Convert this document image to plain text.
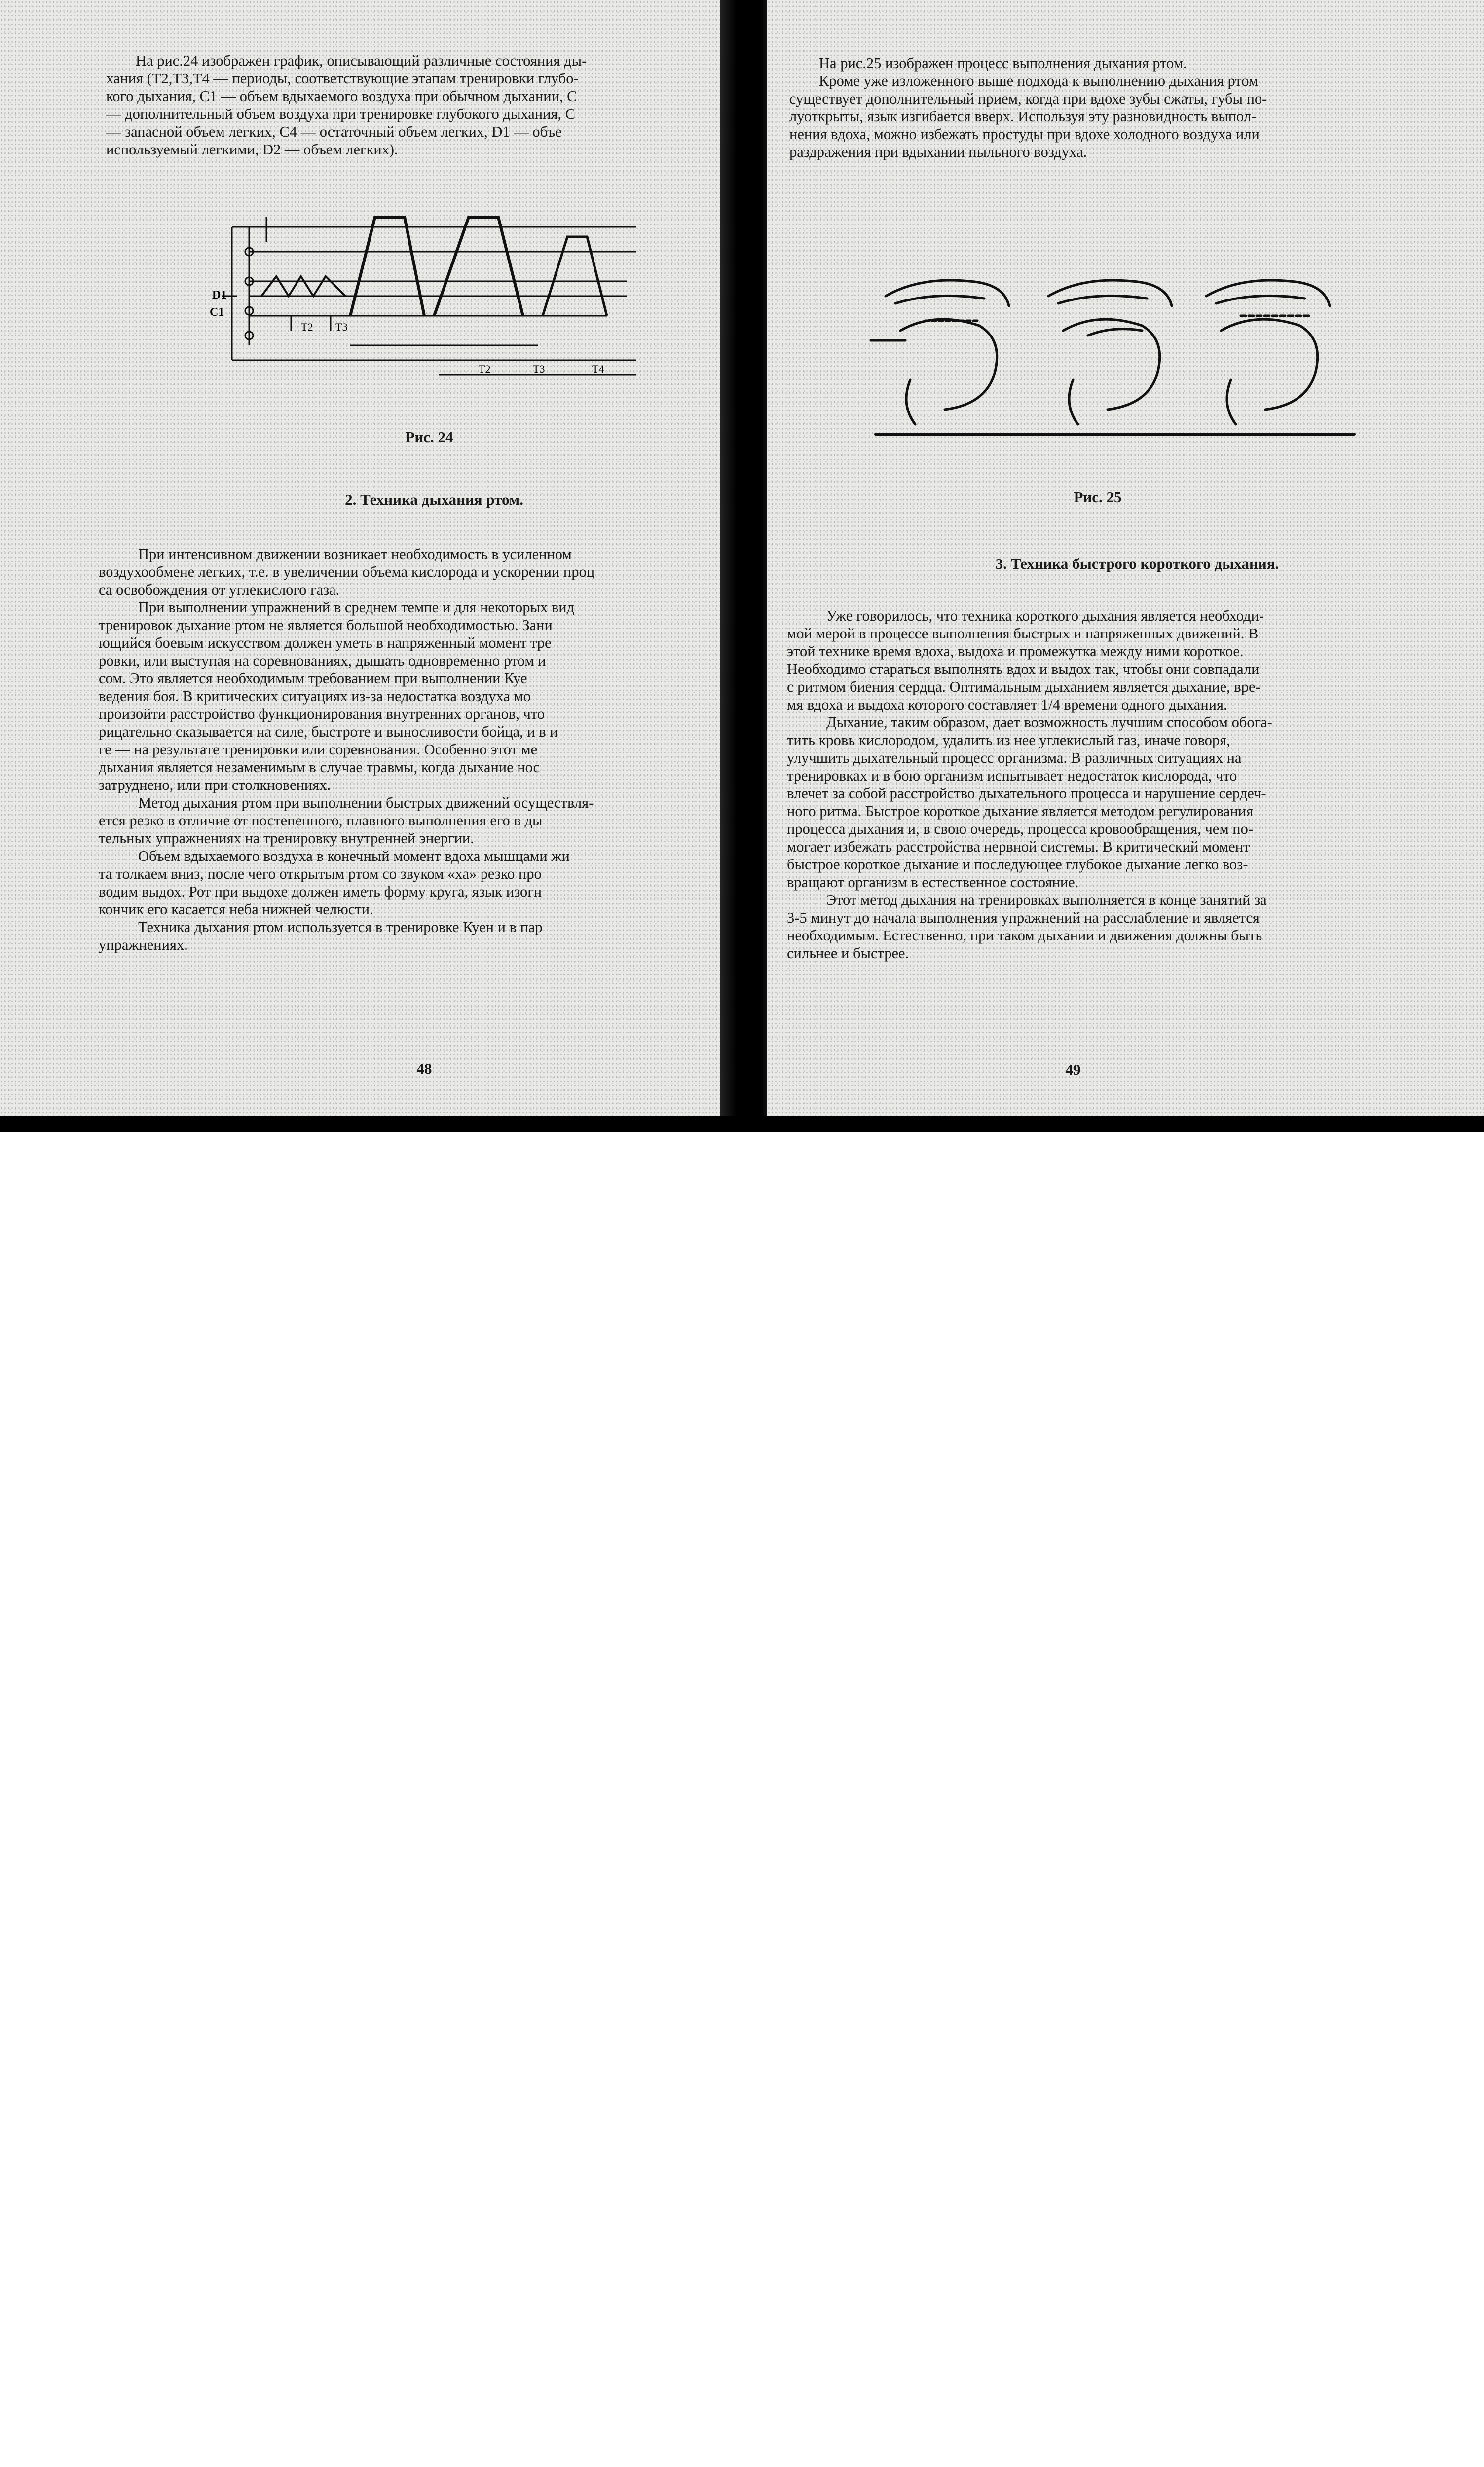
На рис.24 изображен график, описывающий различные состояния ды-

хания (Т2,Т3,Т4 — периоды, соответствующие этапам тренировки глубо-

кого дыхания, С1 — объем вдыхаемого воздуха при обычном дыхании, С

— дополнительный объем воздуха при тренировке глубокого дыхания, С

— запасной объем легких, С4 — остаточный объем легких, D1 — объе

используемый легкими, D2 — объем легких).

D1
С1
Т2 Т3
Т2	Т3	Т4
Рис. 24
2. Техника дыхания ртом.

При интенсивном движении возникает необходимость в усиленном

воздухообмене легких, т.е. в увеличении объема кислорода и ускорении проц

са освобождения от углекислого газа.

При выполнении упражнений в среднем темпе и для некоторых вид

тренировок дыхание ртом не является большой необходимостью. Зани

ющийся боевым искусством должен уметь в напряженный момент тре

ровки, или выступая на соревнованиях, дышать одновременно ртом и

сом. Это является необходимым требованием при выполнении Куе

ведения боя. В критических ситуациях из-за недостатка воздуха мо

произойти расстройство функционирования внутренних органов, что

рицательно сказывается на силе, быстроте и выносливости бойца, и в и

ге — на результате тренировки или соревнования. Особенно этот ме

дыхания является незаменимым в случае травмы, когда дыхание нос

затруднено, или при столкновениях.

Метод дыхания ртом при выполнении быстрых движений осуществля-

ется резко в отличие от постепенного, плавного выполнения его в ды

тельных упражнениях на тренировку внутренней энергии.

Объем вдыхаемого воздуха в конечный момент вдоха мышцами жи

та толкаем вниз, после чего открытым ртом со звуком «ха» резко про

водим выдох. Рот при выдохе должен иметь форму круга, язык изогн

кончик его касается неба нижней челюсти.

Техника дыхания ртом используется в тренировке Куен и в пар

упражнениях.

48

На рис.25 изображен процесс выполнения дыхания ртом.

Кроме уже изложенного выше подхода к выполнению дыхания ртом

существует дополнительный прием, когда при вдохе зубы сжаты, губы по-

луоткрыты, язык изгибается вверх. Используя эту разновидность выпол-

нения вдоха, можно избежать простуды при вдохе холодного воздуха или

раздражения при вдыхании пыльного воздуха.

Рис. 25
3. Техника быстрого короткого дыхания.

Уже говорилось, что техника короткого дыхания является необходи-

мой мерой в процессе выполнения быстрых и напряженных движений. В

этой технике время вдоха, выдоха и промежутка между ними короткое.

Необходимо стараться выполнять вдох и выдох так, чтобы они совпадали

с ритмом биения сердца. Оптимальным дыханием является дыхание, вре-

мя вдоха и выдоха которого составляет 1/4 времени одного дыхания.

Дыхание, таким образом, дает возможность лучшим способом обога-

тить кровь кислородом, удалить из нее углекислый газ, иначе говоря,

улучшить дыхательный процесс организма. В различных ситуациях на

тренировках и в бою организм испытывает недостаток кислорода, что

влечет за собой расстройство дыхательного процесса и нарушение сердеч-

ного ритма. Быстрое короткое дыхание является методом регулирования

процесса дыхания и, в свою очередь, процесса кровообращения, чем по-

могает избежать расстройства нервной системы. В критический момент

быстрое короткое дыхание и последующее глубокое дыхание легко воз-

вращают организм в естественное состояние.

Этот метод дыхания на тренировках выполняется в конце занятий за

3-5 минут до начала выполнения упражнений на расслабление и является

необходимым. Естественно, при таком дыхании и движения должны быть

сильнее и быстрее.

49
